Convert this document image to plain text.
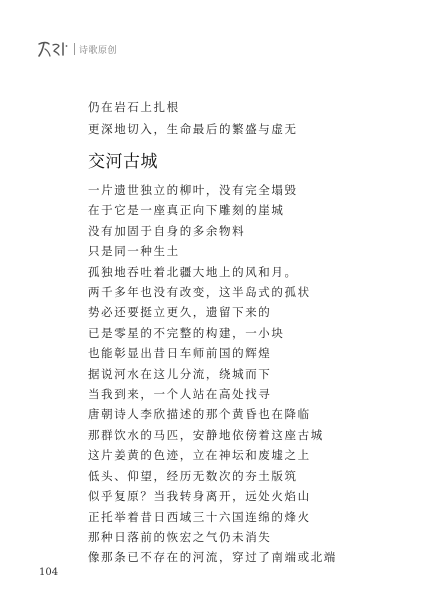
诗歌原创
仍在岩石上扎根
更深地切入，生命最后的繁盛与虚无
交河古城
一片遗世独立的柳叶，没有完全塌毁
在于它是一座真正向下雕刻的崖城
没有加固于自身的多余物料
只是同一种生土
孤独地吞吐着北疆大地上的风和月。
两千多年也没有改变，这半岛式的孤状
势必还要挺立更久，遗留下来的
已是零星的不完整的构建，一小块
也能彰显出昔日车师前国的辉煌
据说河水在这儿分流，绕城而下
当我到来，一个人站在高处找寻
唐朝诗人李欣描述的那个黄昏也在降临
那群饮水的马匹，安静地依傍着这座古城
这片姜黄的色迹，立在神坛和废墟之上
低头、仰望，经历无数次的夯土版筑
似乎复原？当我转身离开，远处火焰山
正托举着昔日西域三十六国连绵的烽火
那种日落前的恢宏之气仍未消失
像那条已不存在的河流，穿过了南端或北端
104
